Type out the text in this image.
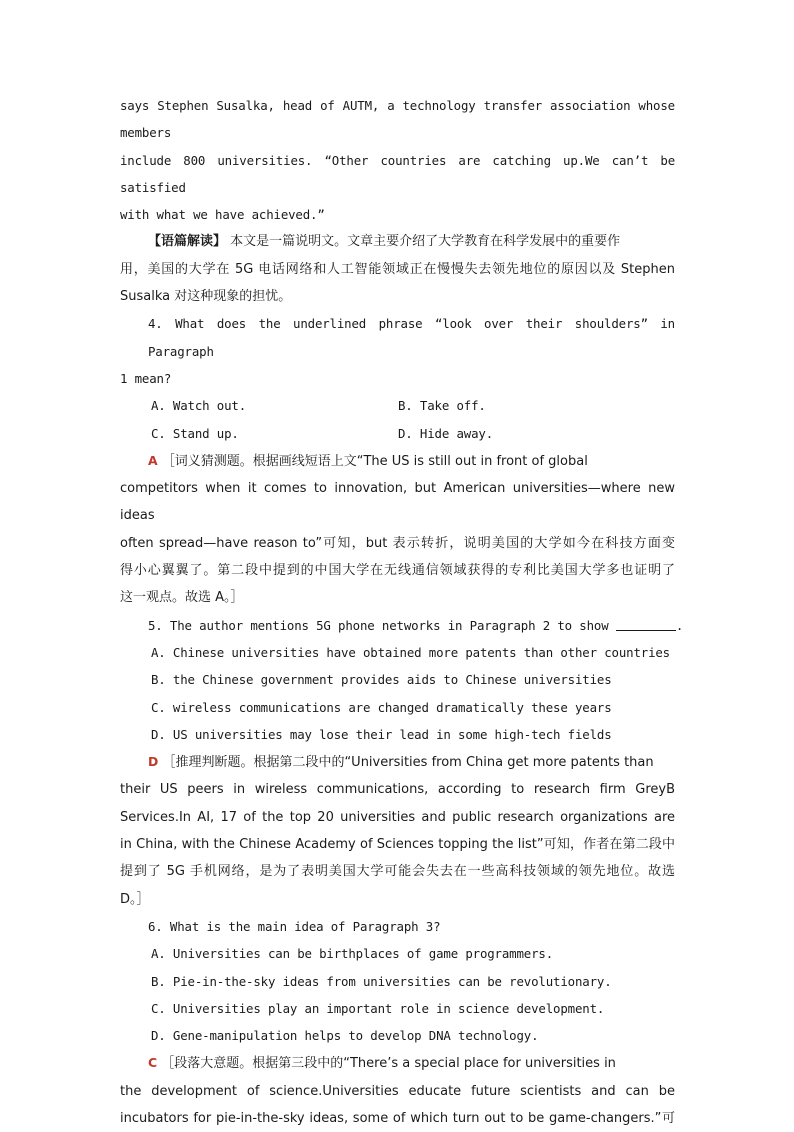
says Stephen Susalka, head of AUTM, a technology transfer association whose members
include 800 universities. “Other countries are catching up.We can’t be satisfied
with what we have achieved.”
【语篇解读】 本文是一篇说明文。文章主要介绍了大学教育在科学发展中的重要作
用，美国的大学在 5G 电话网络和人工智能领域正在慢慢失去领先地位的原因以及 Stephen
Susalka 对这种现象的担忧。
4. What does the underlined phrase “look over their shoulders” in Paragraph
1 mean?
A. Watch out.	B. Take off.
C. Stand up.	D. Hide away.
A ［词义猜测题。根据画线短语上文“The US is still out in front of global
competitors when it comes to innovation, but American universities—where new ideas
often spread—have reason to”可知，but 表示转折，说明美国的大学如今在科技方面变
得小心翼翼了。第二段中提到的中国大学在无线通信领域获得的专利比美国大学多也证明了
这一观点。故选 A。］
5. The author mentions 5G phone networks in Paragraph 2 to show	.
A. Chinese universities have obtained more patents than other countries
B. the Chinese government provides aids to Chinese universities
C. wireless communications are changed dramatically these years
D. US universities may lose their lead in some high-tech fields
D ［推理判断题。根据第二段中的“Universities from China get more patents than
their US peers in wireless communications, according to research firm GreyB
Services.In AI, 17 of the top 20 universities and public research organizations are
in China, with the Chinese Academy of Sciences topping the list”可知，作者在第二段中
提到了 5G 手机网络，是为了表明美国大学可能会失去在一些高科技领域的领先地位。故选
D。］
6. What is the main idea of Paragraph 3?
A. Universities can be birthplaces of game programmers.
B. Pie-in-the-sky ideas from universities can be revolutionary.
C. Universities play an important role in science development.
D. Gene-manipulation helps to develop DNA technology.
C ［段落大意题。根据第三段中的“There’s a special place for universities in
the development of science.Universities educate future scientists and can be
incubators for pie-in-the-sky ideas, some of which turn out to be game-changers.”可
